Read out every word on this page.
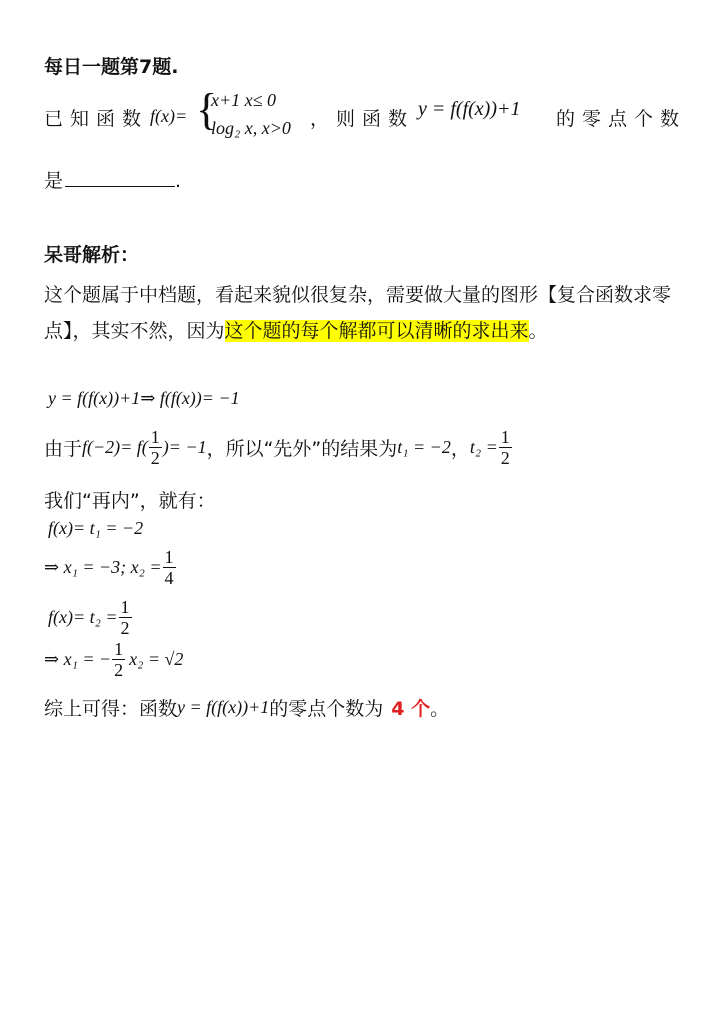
每日一题第7题.
已知函数 f(x)= {
x+1 x≤ 0
log₂ x, x>0 ，则函数 y = f(f(x))+1 的零点个数
是	.
呆哥解析：
这个题属于中档题，看起来貌似很复杂，需要做大量的图形【复合函数求零
点】，其实不然，因为这个题的每个解都可以清晰的求出来。
y = f(f(x))+1⇒ f(f(x))= −1
由于 $f(-2)= f( \frac{1}{2}$ )= −1 ，所以“先外”的结果为 t₁ = −2 ， $t_2 = \frac{1}{2}$
我们“再内”，就有：
f(x)= t₁ = −2
⇒ x₁ = −3; $x_2 = \frac{1}{4}$
$f(x)= t_2 = \frac{1}{2}$
⇒ x₁ = − $\frac{1}{2} x_2 = √2$
综上可得：函数 y = f(f(x))+1 的零点个数为 4 个 。
